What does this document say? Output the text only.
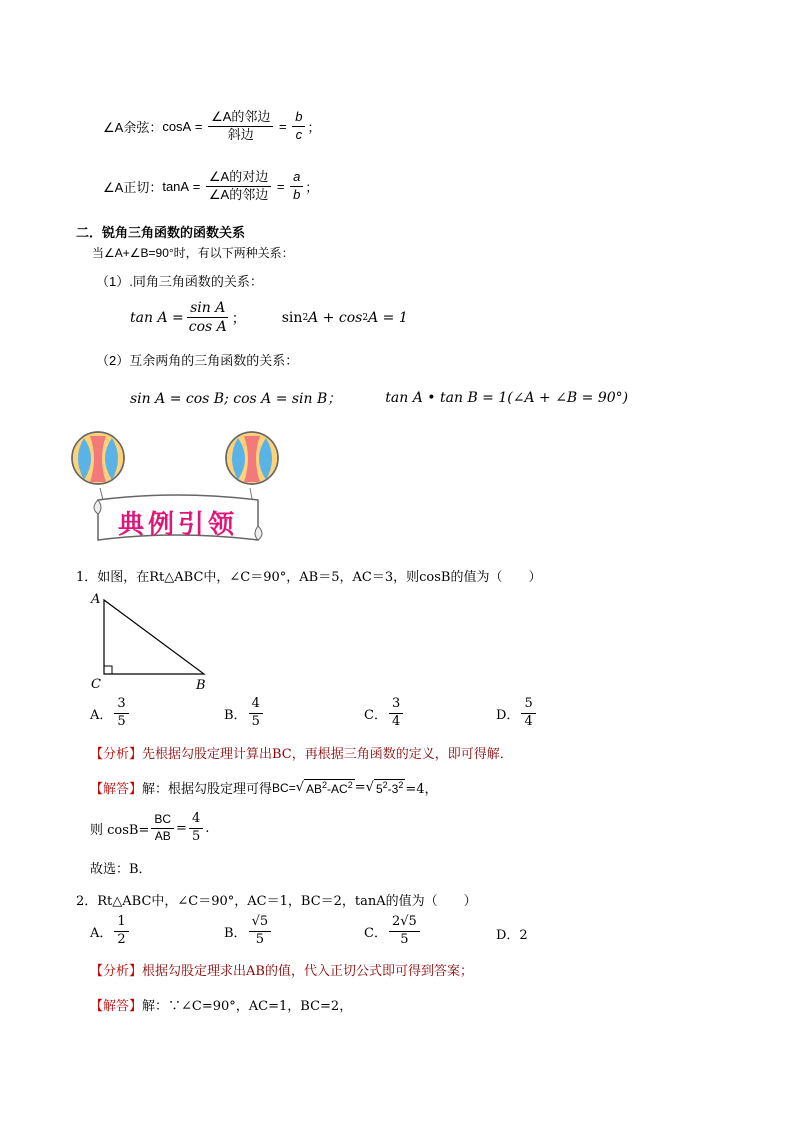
∠A余弦： $\cos A = \frac{\text{∠A的邻边}}{\text{斜边}} = \frac{b}{c}$ ；
∠A正切： $\tan A = \frac{\text{∠A的对边}}{\text{∠A的邻边}} = \frac{a}{b}$ ；
二．锐角三角函数的函数关系
当∠A+∠B=90°时，有以下两种关系：
（1）.同角三角函数的关系：
$\tan A = \frac{\text{sin A}}{\text{cos A}}$ ；	sin 2 A + cos 2 A = 1
（2）互余两角的三角函数的关系：
sin A = cos B; cos A = sin B；	tan A • tan B = 1(∠A + ∠B = 90°)
典例引领
1．如图，在Rt△ABC中，∠C＝90°，AB＝5，AC＝3，则cosB的值为（　　）
A
C	B
A． $\frac{3}{5}$	B． $\frac{4}{5}$	C． $\frac{3}{4}$	D． $\frac{5}{4}$
【分析】 先根据勾股定理计算出BC，再根据三角函数的定义，即可得解．
【解答】 解：根据勾股定理可得 BC= √ $AB^2-AC^2$ = √ $5^2-3^2 =4$，
则 $\cos B= \frac{BC}{AB} = \frac{4}{5}$ .
故选：B．
2．Rt△ABC中，∠C＝90°，AC＝1，BC＝2，tanA的值为（　　）
A． $\frac{1}{2}$	B． $\frac{√5}{5}$	C． $\frac{2√5}{5}$	D．2
【分析】 根据勾股定理求出AB的值，代入正切公式即可得到答案；
【解答】 解：∵∠C=90°，AC=1，BC=2，
